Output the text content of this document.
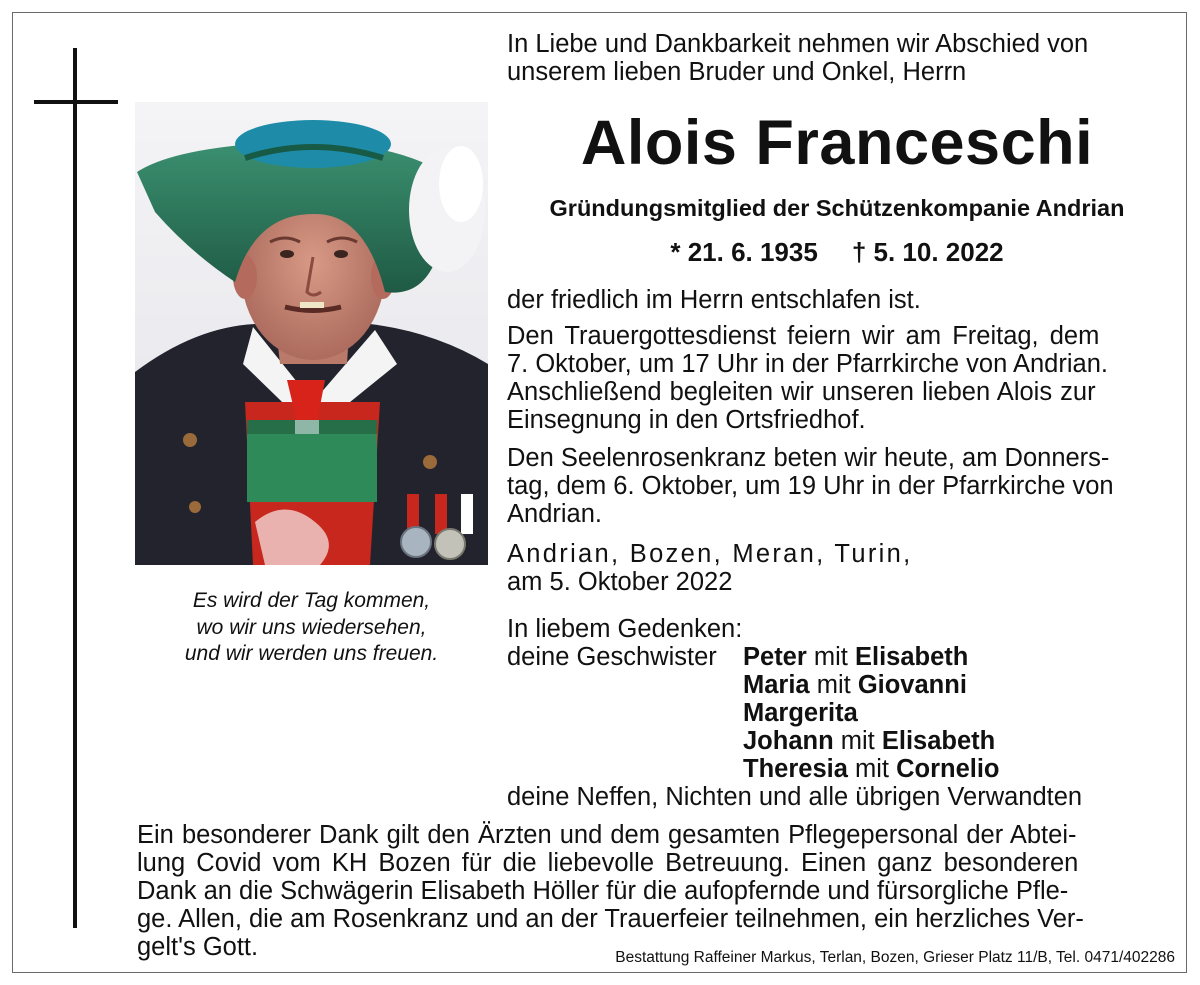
Es wird der Tag kommen,
wo wir uns wiedersehen,
und wir werden uns freuen.
In Liebe und Dankbarkeit nehmen wir Abschied von
unserem lieben Bruder und Onkel, Herrn
Alois Franceschi
Gründungsmitglied der Schützenkompanie Andrian
* 21. 6. 1935 † 5. 10. 2022
der friedlich im Herrn entschlafen ist.
Den Trauergottesdienst feiern wir am Freitag, dem
7. Oktober, um 17 Uhr in der Pfarrkirche von Andrian.
Anschließend begleiten wir unseren lieben Alois zur
Einsegnung in den Ortsfriedhof.
Den Seelenrosenkranz beten wir heute, am Donners-
tag, dem 6. Oktober, um 19 Uhr in der Pfarrkirche von
Andrian.
Andrian, Bozen, Meran, Turin,
am 5. Oktober 2022
In liebem Gedenken:
deine Geschwister Peter mit Elisabeth
Maria mit Giovanni
Margerita
Johann mit Elisabeth
Theresia mit Cornelio
deine Neffen, Nichten und alle übrigen Verwandten
Ein besonderer Dank gilt den Ärzten und dem gesamten Pflegepersonal der Abtei-
lung Covid vom KH Bozen für die liebevolle Betreuung. Einen ganz besonderen
Dank an die Schwägerin Elisabeth Höller für die aufopfernde und fürsorgliche Pfle-
ge. Allen, die am Rosenkranz und an der Trauerfeier teilnehmen, ein herzliches Ver-
gelt's Gott.	Bestattung Raffeiner Markus, Terlan, Bozen, Grieser Platz 11/B, Tel. 0471/402286
